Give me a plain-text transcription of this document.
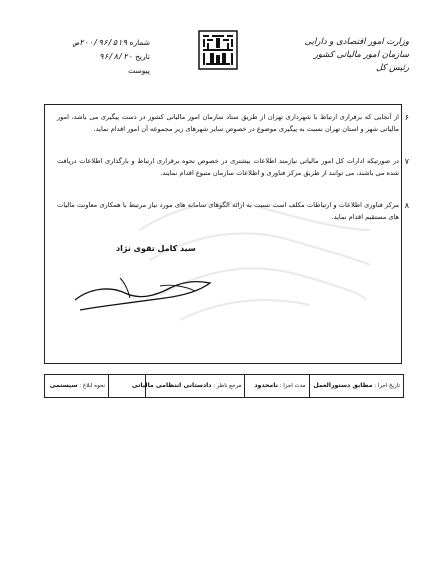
وزارت امور اقتصادی و دارایی
سازمان امور مالیاتی کشور
رئیس کل
شماره ۲۰۰/۹۶/۵۱۹ص
تاریخ ۹۶/۸/۲۰
پیوست
۶
از آنجایی که برقراری ارتباط با شهرداری تهران از طریق ستاد سازمان امور مالیاتی کشور در دست پیگیری می باشد، امور مالیاتی شهر و استان تهران نسبت به پیگیری موضوع در خصوص سایر شهرهای زیر مجموعه آن امور اقدام نماید.
۷
در صورتیکه ادارات کل امور مالیاتی نیازمند اطلاعات بیشتری در خصوص نحوه برقراری ارتباط و بارگذاری اطلاعات دریافت شده می باشند، می توانند از طریق مرکز فناوری و اطلاعات سازمان متبوع اقدام نمایند.
۸
مرکز فناوری اطلاعات و ارتباطات مکلف است نسبت به ارائه الگوهای سامانه های مورد نیاز مرتبط با همکاری معاونت مالیات های مستقیم اقدام نماید.
سید کامل تقوی نژاد
تاریخ اجرا : مطابق دستورالعمل
مدت اجرا : نامحدود
مرجع ناظر : دادستانی انتظامی مالیاتی
نحوه ابلاغ : سیستمی
